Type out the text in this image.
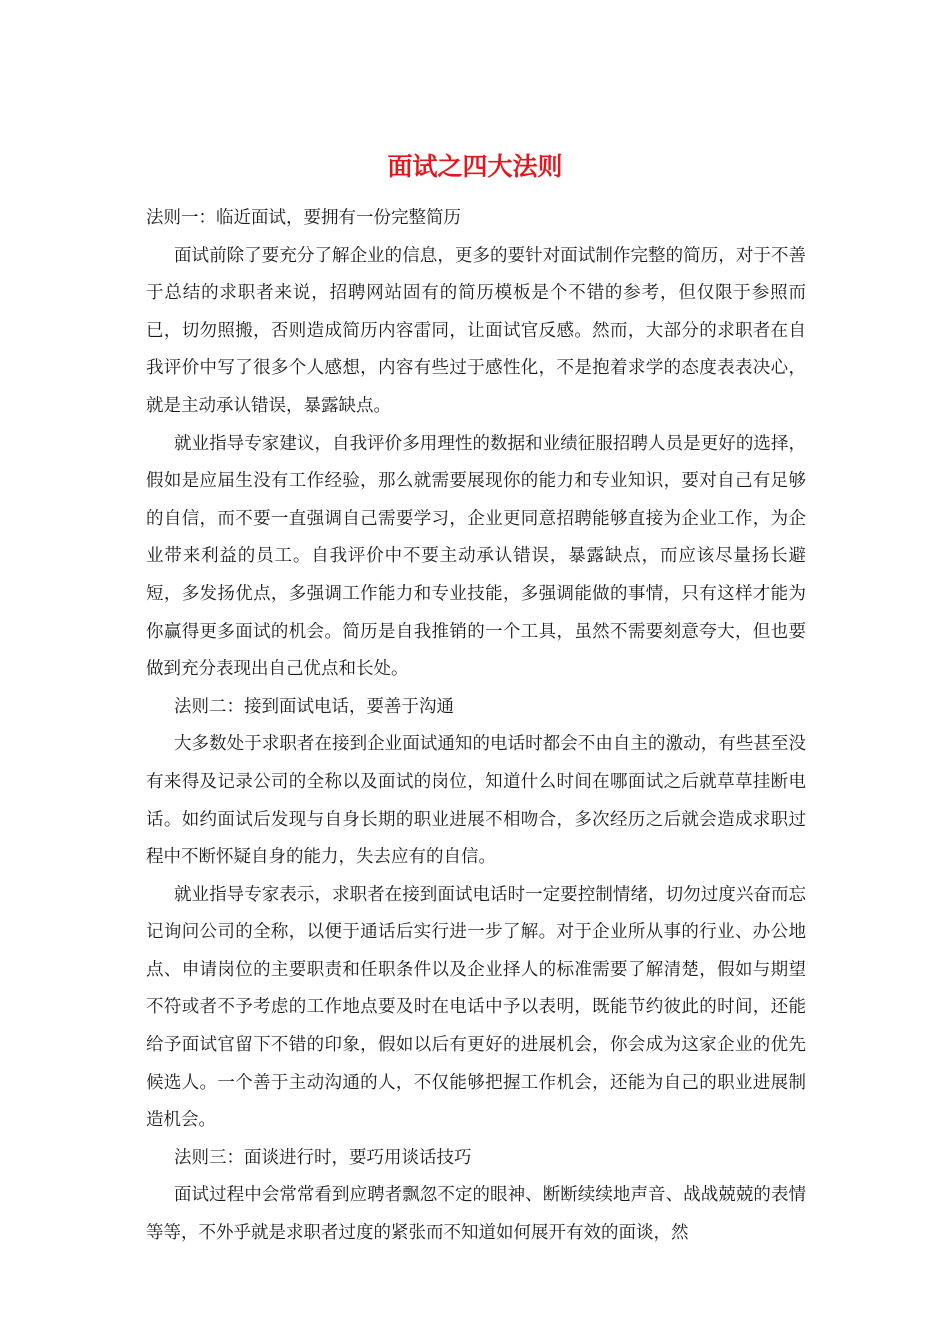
面试之四大法则

法则一：临近面试，要拥有一份完整简历

面试前除了要充分了解企业的信息，更多的要针对面试制作完整的简历，对于不善于总结的求职者来说，招聘网站固有的简历模板是个不错的参考，但仅限于参照而已，切勿照搬，否则造成简历内容雷同，让面试官反感。然而，大部分的求职者在自我评价中写了很多个人感想，内容有些过于感性化，不是抱着求学的态度表表决心，就是主动承认错误，暴露缺点。

就业指导专家建议，自我评价多用理性的数据和业绩征服招聘人员是更好的选择，假如是应届生没有工作经验，那么就需要展现你的能力和专业知识，要对自己有足够的自信，而不要一直强调自己需要学习，企业更同意招聘能够直接为企业工作，为企业带来利益的员工。自我评价中不要主动承认错误，暴露缺点，而应该尽量扬长避短，多发扬优点，多强调工作能力和专业技能，多强调能做的事情，只有这样才能为你赢得更多面试的机会。简历是自我推销的一个工具，虽然不需要刻意夸大，但也要做到充分表现出自己优点和长处。

法则二：接到面试电话，要善于沟通

大多数处于求职者在接到企业面试通知的电话时都会不由自主的激动，有些甚至没有来得及记录公司的全称以及面试的岗位，知道什么时间在哪面试之后就草草挂断电话。如约面试后发现与自身长期的职业进展不相吻合，多次经历之后就会造成求职过程中不断怀疑自身的能力，失去应有的自信。

就业指导专家表示，求职者在接到面试电话时一定要控制情绪，切勿过度兴奋而忘记询问公司的全称，以便于通话后实行进一步了解。对于企业所从事的行业、办公地点、申请岗位的主要职责和任职条件以及企业择人的标准需要了解清楚，假如与期望不符或者不予考虑的工作地点要及时在电话中予以表明，既能节约彼此的时间，还能给予面试官留下不错的印象，假如以后有更好的进展机会，你会成为这家企业的优先候选人。一个善于主动沟通的人，不仅能够把握工作机会，还能为自己的职业进展制造机会。

法则三：面谈进行时，要巧用谈话技巧

面试过程中会常常看到应聘者飘忽不定的眼神、断断续续地声音、战战兢兢的表情等等，不外乎就是求职者过度的紧张而不知道如何展开有效的面谈，然
